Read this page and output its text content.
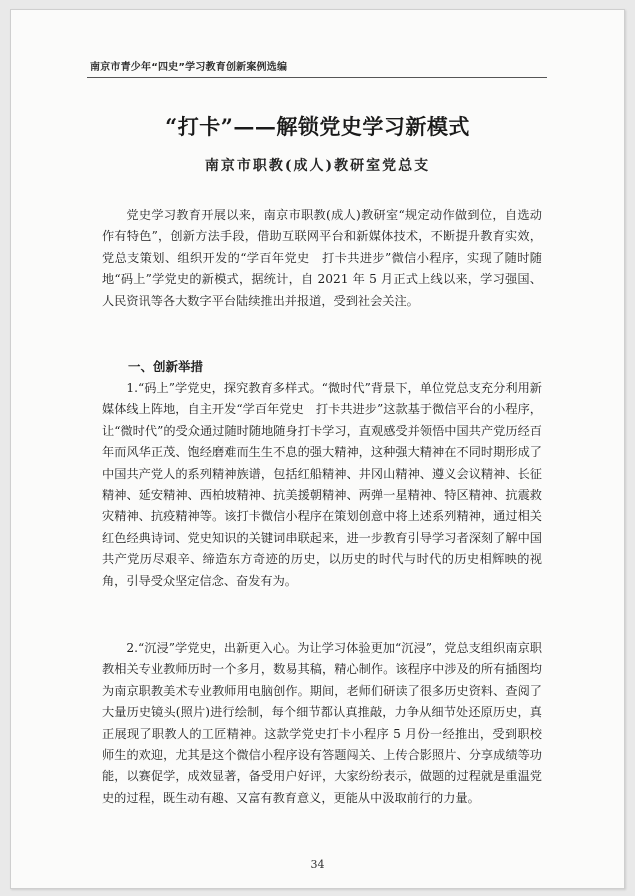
南京市青少年“四史”学习教育创新案例选编
“打卡”——解锁党史学习新模式
南京市职教(成人)教研室党总支

党史学习教育开展以来，南京市职教(成人)教研室“规定动作做到位，自选动作有特色”，创新方法手段，借助互联网平台和新媒体技术，不断提升教育实效，党总支策划、组织开发的“学百年党史　打卡共进步”微信小程序，实现了随时随地“码上”学党史的新模式，据统计，自 2021 年 5 月正式上线以来，学习强国、人民资讯等各大数字平台陆续推出并报道，受到社会关注。

一、创新举措

1.“码上”学党史，探究教育多样式。“微时代”背景下，单位党总支充分利用新媒体线上阵地，自主开发“学百年党史　打卡共进步”这款基于微信平台的小程序，让“微时代”的受众通过随时随地随身打卡学习，直观感受并领悟中国共产党历经百年而风华正茂、饱经磨难而生生不息的强大精神，这种强大精神在不同时期形成了中国共产党人的系列精神族谱，包括红船精神、井冈山精神、遵义会议精神、长征精神、延安精神、西柏坡精神、抗美援朝精神、两弹一星精神、特区精神、抗震救灾精神、抗疫精神等。该打卡微信小程序在策划创意中将上述系列精神，通过相关红色经典诗词、党史知识的关键词串联起来，进一步教育引导学习者深刻了解中国共产党历尽艰辛、缔造东方奇迹的历史，以历史的时代与时代的历史相辉映的视角，引导受众坚定信念、奋发有为。

2.“沉浸”学党史，出新更入心。为让学习体验更加“沉浸”，党总支组织南京职教相关专业教师历时一个多月，数易其稿，精心制作。该程序中涉及的所有插图均为南京职教美术专业教师用电脑创作。期间，老师们研读了很多历史资料、查阅了大量历史镜头(照片)进行绘制，每个细节都认真推敲，力争从细节处还原历史，真正展现了职教人的工匠精神。这款学党史打卡小程序 5 月份一经推出，受到职校师生的欢迎，尤其是这个微信小程序设有答题闯关、上传合影照片、分享成绩等功能，以赛促学，成效显著，备受用户好评，大家纷纷表示，做题的过程就是重温党史的过程，既生动有趣、又富有教育意义，更能从中汲取前行的力量。

34
